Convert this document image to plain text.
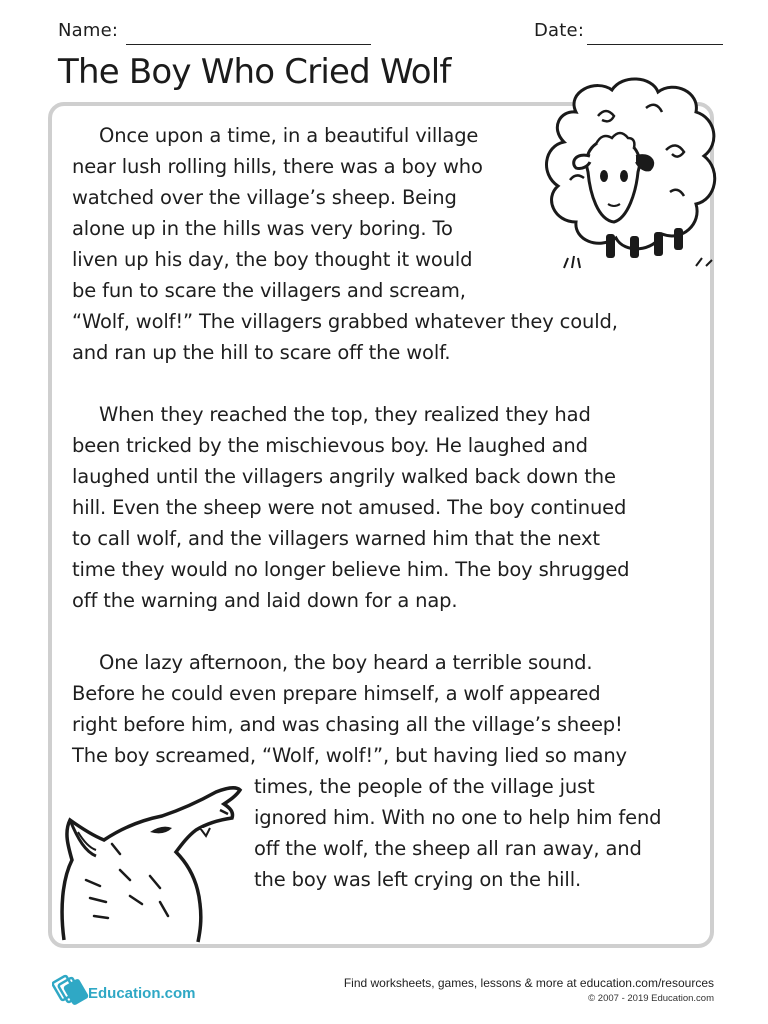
Name:	Date:
The Boy Who Cried Wolf
Once upon a time, in a beautiful village
near lush rolling hills, there was a boy who
watched over the village’s sheep. Being
alone up in the hills was very boring. To
liven up his day, the boy thought it would
be fun to scare the villagers and scream,
“Wolf, wolf!” The villagers grabbed whatever they could,
and ran up the hill to scare off the wolf.
When they reached the top, they realized they had
been tricked by the mischievous boy. He laughed and
laughed until the villagers angrily walked back down the
hill. Even the sheep were not amused. The boy continued
to call wolf, and the villagers warned him that the next
time they would no longer believe him. The boy shrugged
off the warning and laid down for a nap.
One lazy afternoon, the boy heard a terrible sound.
Before he could even prepare himself, a wolf appeared
right before him, and was chasing all the village’s sheep!
The boy screamed, “Wolf, wolf!”, but having lied so many
times, the people of the village just
ignored him. With no one to help him fend
off the wolf, the sheep all ran away, and
the boy was left crying on the hill.
Education.com
Find worksheets, games, lessons & more at education.com/resources
© 2007 - 2019 Education.com
